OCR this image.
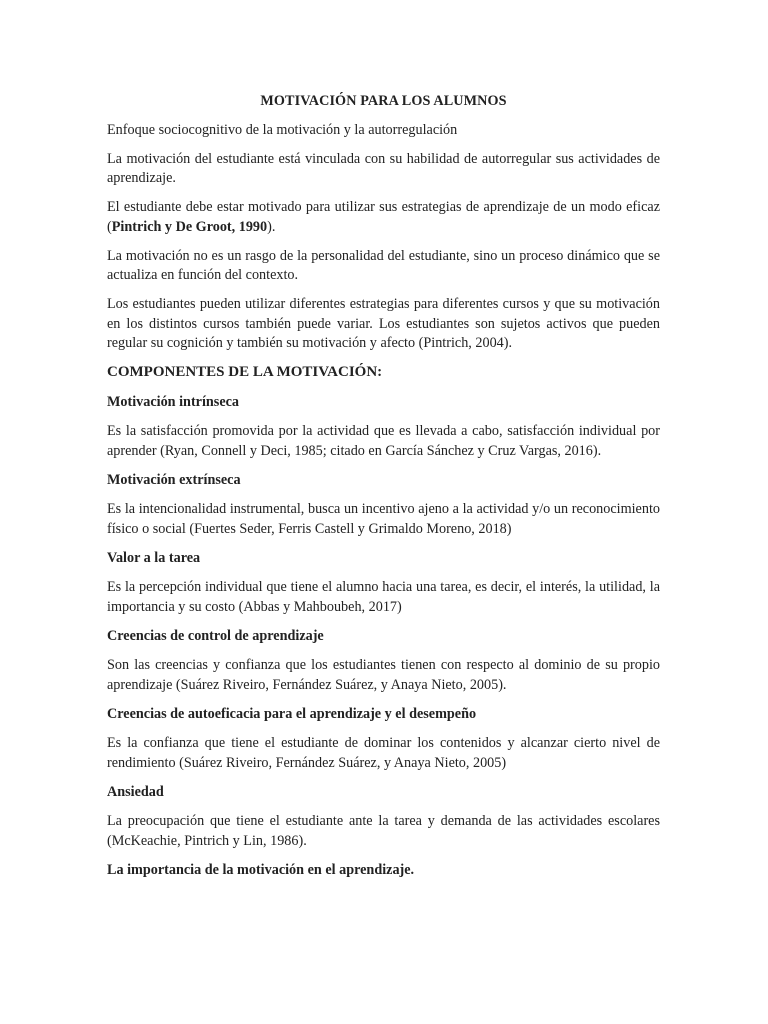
MOTIVACIÓN PARA LOS ALUMNOS

Enfoque sociocognitivo de la motivación y la autorregulación

La motivación del estudiante está vinculada con su habilidad de autorregular sus actividades de aprendizaje.

El estudiante debe estar motivado para utilizar sus estrategias de aprendizaje de un modo eficaz (Pintrich y De Groot, 1990).

La motivación no es un rasgo de la personalidad del estudiante, sino un proceso dinámico que se actualiza en función del contexto.

Los estudiantes pueden utilizar diferentes estrategias para diferentes cursos y que su motivación en los distintos cursos también puede variar. Los estudiantes son sujetos activos que pueden regular su cognición y también su motivación y afecto (Pintrich, 2004).

COMPONENTES DE LA MOTIVACIÓN:
Motivación intrínseca

Es la satisfacción promovida por la actividad que es llevada a cabo, satisfacción individual por aprender (Ryan, Connell y Deci, 1985; citado en García Sánchez y Cruz Vargas, 2016).

Motivación extrínseca

Es la intencionalidad instrumental, busca un incentivo ajeno a la actividad y/o un reconocimiento físico o social (Fuertes Seder, Ferris Castell y Grimaldo Moreno, 2018)

Valor a la tarea

Es la percepción individual que tiene el alumno hacia una tarea, es decir, el interés, la utilidad, la importancia y su costo (Abbas y Mahboubeh, 2017)

Creencias de control de aprendizaje

Son las creencias y confianza que los estudiantes tienen con respecto al dominio de su propio aprendizaje (Suárez Riveiro, Fernández Suárez, y Anaya Nieto, 2005).

Creencias de autoeficacia para el aprendizaje y el desempeño

Es la confianza que tiene el estudiante de dominar los contenidos y alcanzar cierto nivel de rendimiento (Suárez Riveiro, Fernández Suárez, y Anaya Nieto, 2005)

Ansiedad

La preocupación que tiene el estudiante ante la tarea y demanda de las actividades escolares (McKeachie, Pintrich y Lin, 1986).

La importancia de la motivación en el aprendizaje.
